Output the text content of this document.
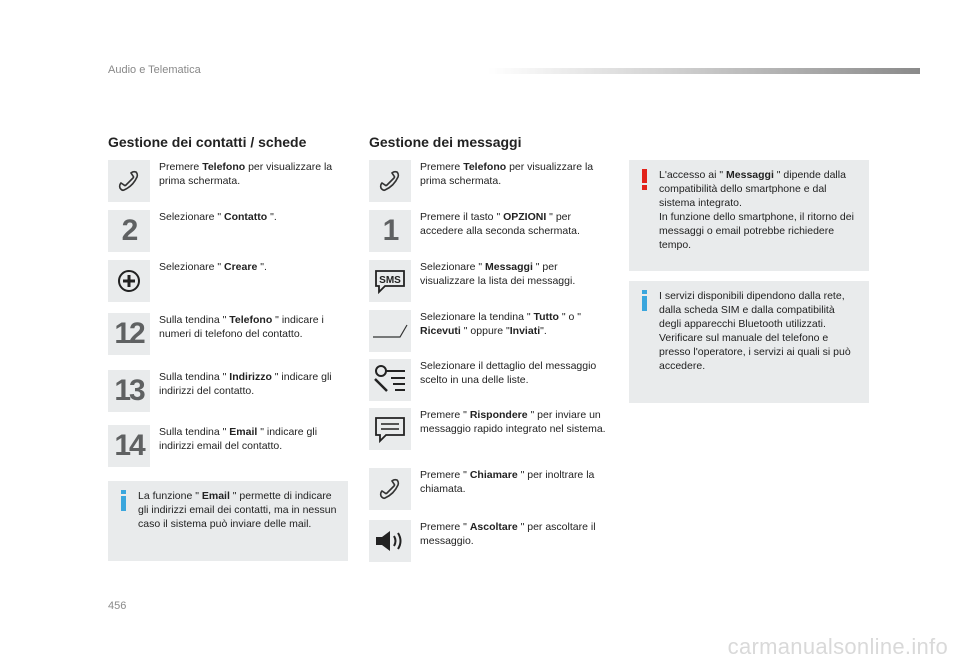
Audio e Telematica
Gestione dei contatti / schede
Premere Telefono per visualizzare la prima schermata.
2 Selezionare " Contatto ".
Selezionare " Creare ".
12 Sulla tendina " Telefono " indicare i numeri di telefono del contatto.
13 Sulla tendina " Indirizzo " indicare gli indirizzi del contatto.
14 Sulla tendina " Email " indicare gli indirizzi email del contatto.
La funzione " Email " permette di indicare gli indirizzi email dei contatti, ma in nessun caso il sistema può inviare delle mail.
Gestione dei messaggi
Premere Telefono per visualizzare la prima schermata.
1 Premere il tasto " OPZIONI " per accedere alla seconda schermata.
SMS
Selezionare " Messaggi " per visualizzare la lista dei messaggi.
Selezionare la tendina " Tutto " o " Ricevuti " oppure "Inviati".
Selezionare il dettaglio del messaggio scelto in una delle liste.
Premere " Rispondere " per inviare un messaggio rapido integrato nel sistema.
Premere " Chiamare " per inoltrare la chiamata.
Premere " Ascoltare " per ascoltare il messaggio.
L'accesso ai " Messaggi " dipende dalla compatibilità dello smartphone e dal sistema integrato.
In funzione dello smartphone, il ritorno dei messaggi o email potrebbe richiedere tempo.
I servizi disponibili dipendono dalla rete, dalla scheda SIM e dalla compatibilità degli apparecchi Bluetooth utilizzati.
Verificare sul manuale del telefono e presso l'operatore, i servizi ai quali si può accedere.
456
carmanualsonline.info
